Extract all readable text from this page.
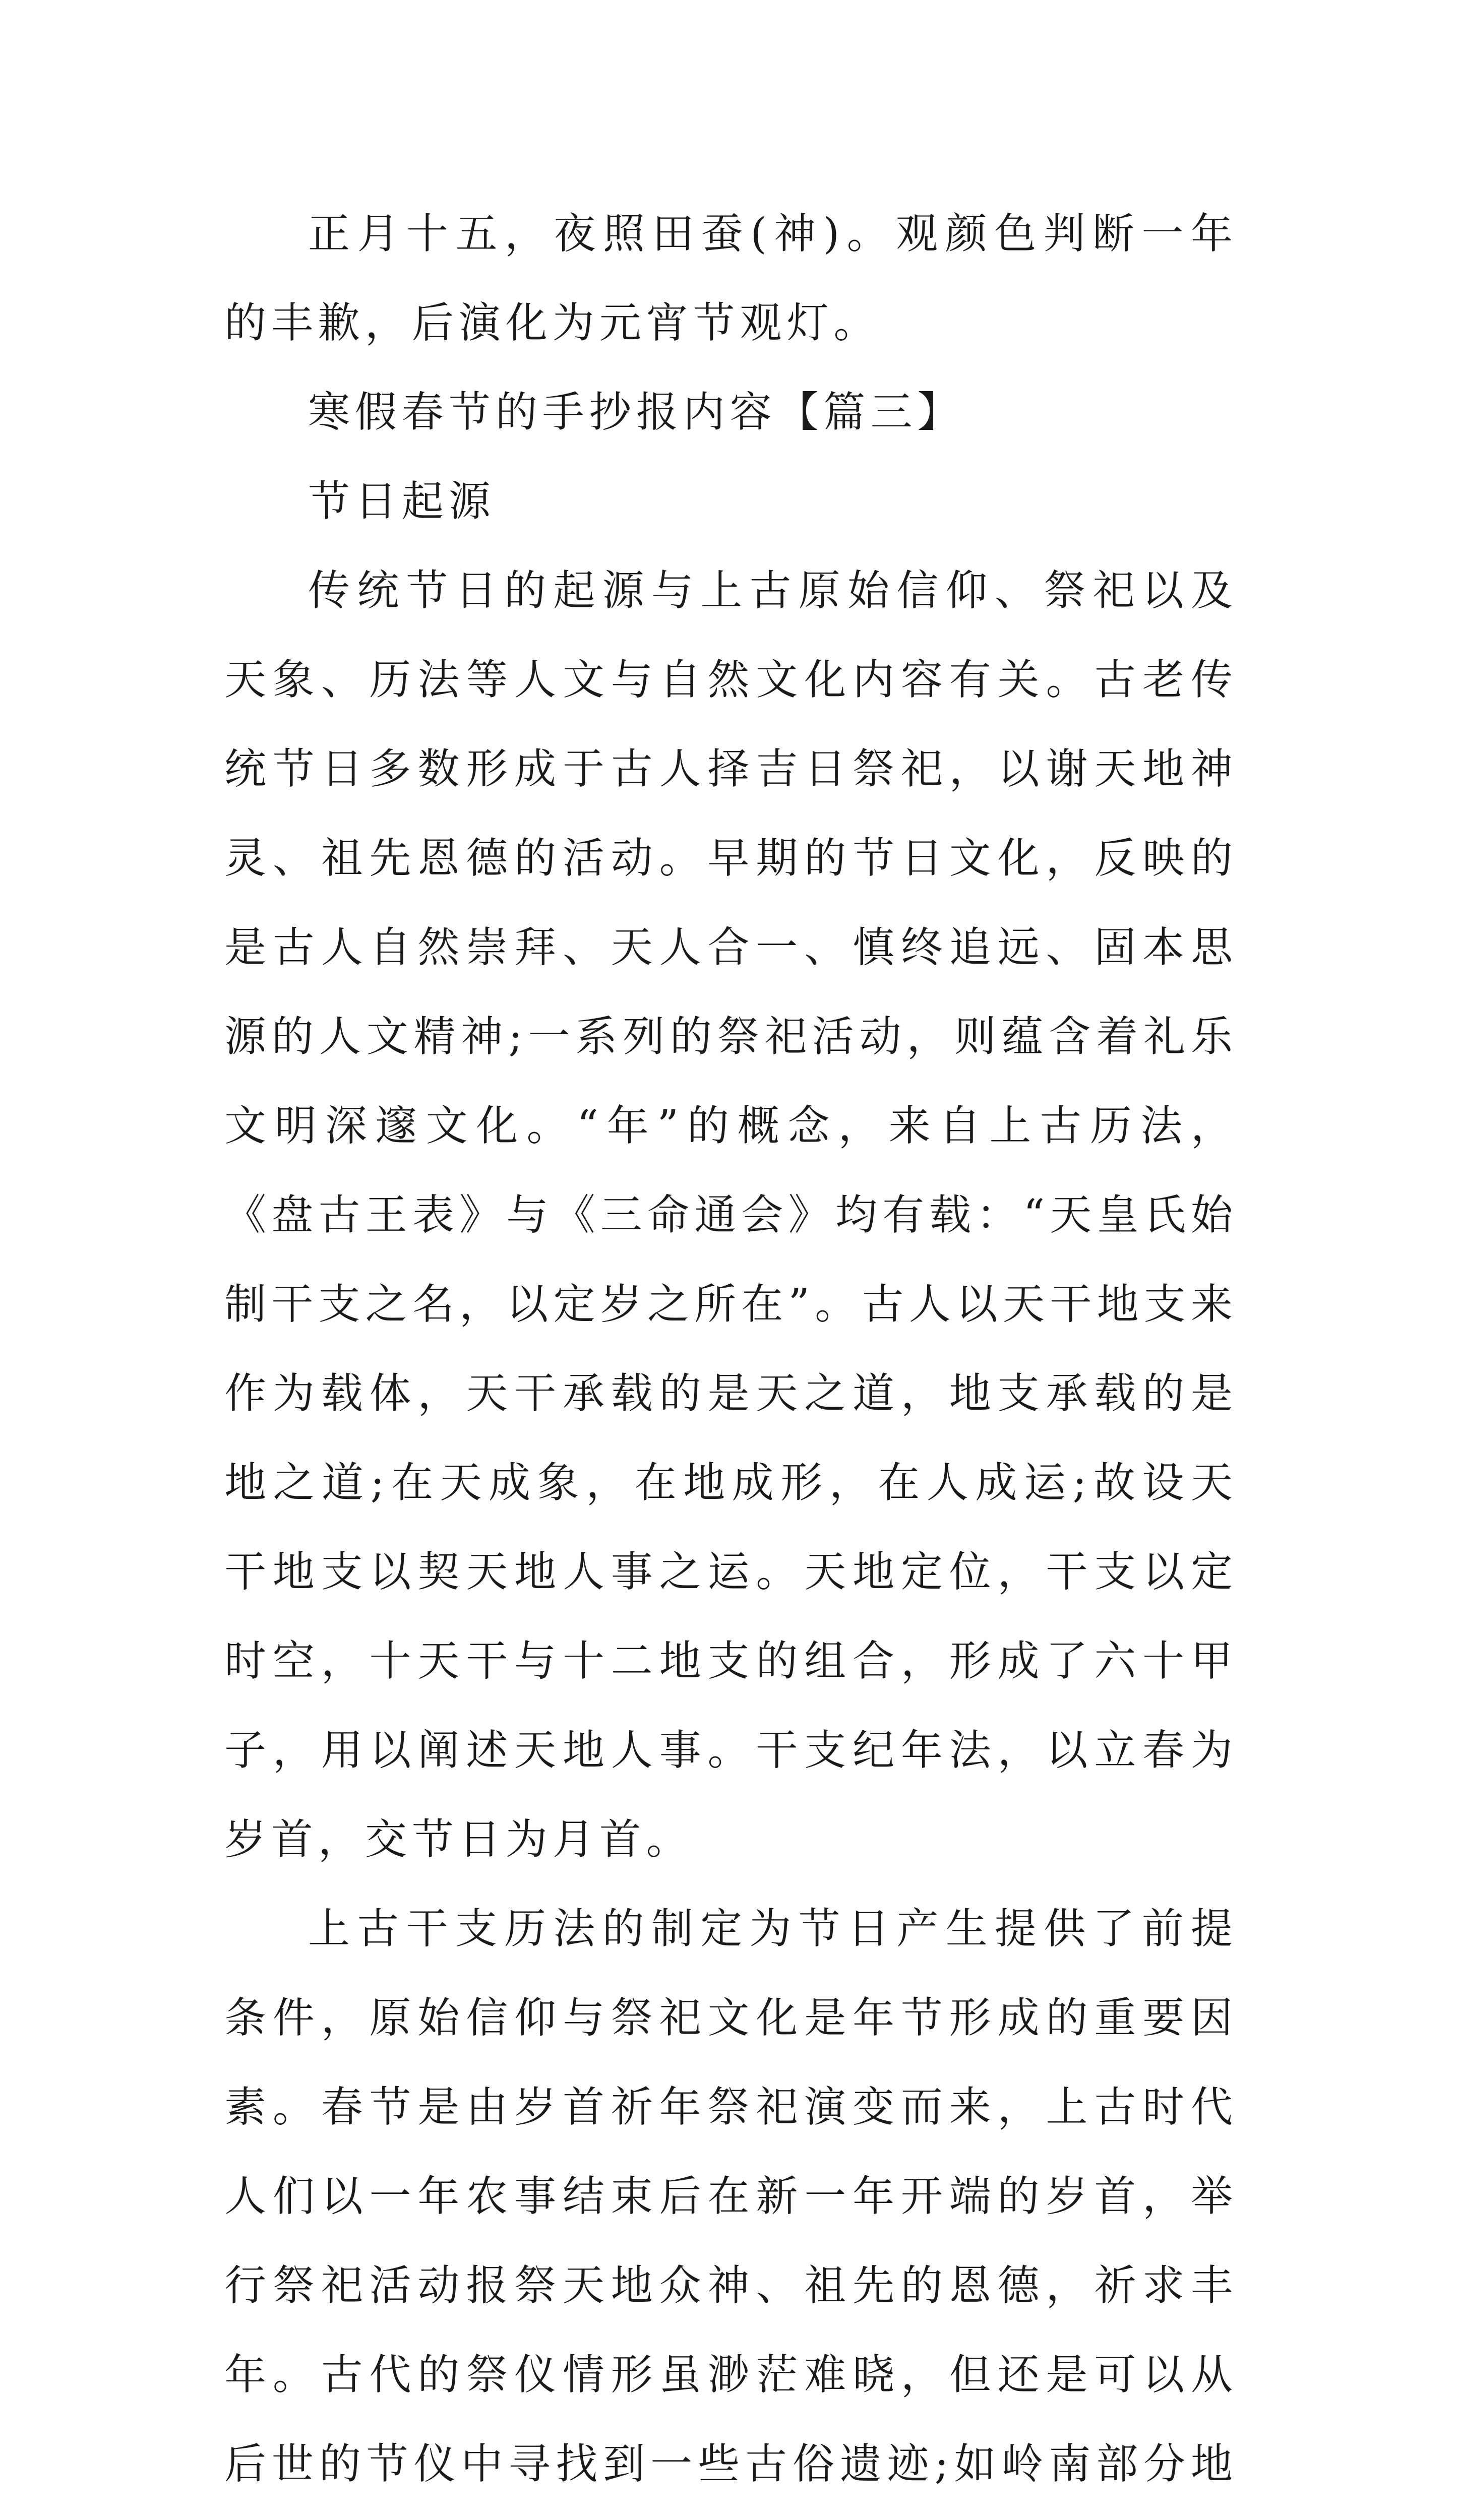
正月十五，夜照田蚕(神)。观颜色判断一年的丰歉，后演化为元宵节观灯。

寒假春节的手抄报内容【篇三】

节日起源

传统节日的起源与上古原始信仰、祭祀以及天象、历法等人文与自然文化内容有关。古老传统节日多数形成于古人择吉日祭祀，以谢天地神灵、祖先恩德的活动。早期的节日文化，反映的是古人自然崇拜、天人合一、慎终追远、固本思源的人文精神;一系列的祭祀活动，则蕴含着礼乐文明深邃文化。“年”的概念，来自上古历法，《盘古王表》与《三命通会》均有载：“天皇氏始制干支之名，以定岁之所在”。古人以天干地支来作为载体，天干承载的是天之道，地支承载的是地之道;在天成象，在地成形，在人成运;故设天干地支以契天地人事之运。天地定位，干支以定时空，十天干与十二地支的组合，形成了六十甲子，用以阐述天地人事。干支纪年法，以立春为岁首，交节日为月首。

上古干支历法的制定为节日产生提供了前提条件，原始信仰与祭祀文化是年节形成的重要因素。春节是由岁首祈年祭祀演变而来，上古时代人们以一年农事结束后在新一年开端的岁首，举行祭祀活动报祭天地众神、祖先的恩德，祈求丰年。古代的祭仪情形虽渺茫难晓，但还是可以从后世的节仪中寻找到一些古俗遗迹;如岭南部分地
